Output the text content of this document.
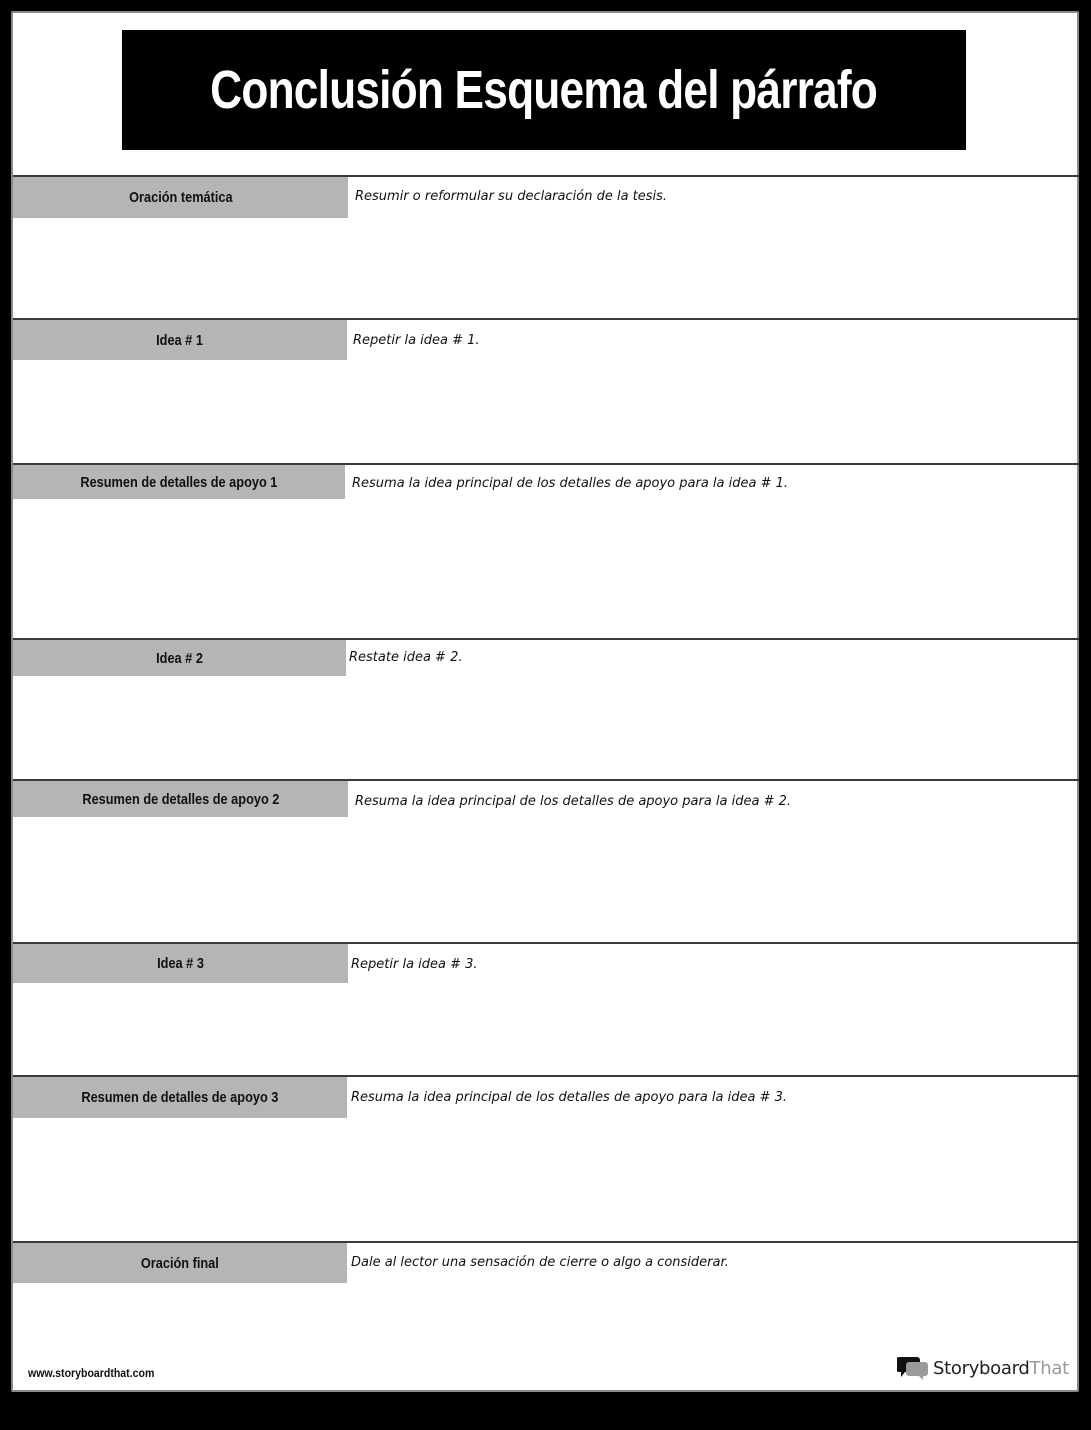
Conclusión Esquema del párrafo
Oración temática	Resumir o reformular su declaración de la tesis.
Idea # 1	Repetir la idea # 1.
Resumen de detalles de apoyo 1	Resuma la idea principal de los detalles de apoyo para la idea # 1.
Idea # 2	Restate idea # 2.
Resumen de detalles de apoyo 2	Resuma la idea principal de los detalles de apoyo para la idea # 2.
Idea # 3	Repetir la idea # 3.
Resumen de detalles de apoyo 3	Resuma la idea principal de los detalles de apoyo para la idea # 3.
Oración final	Dale al lector una sensación de cierre o algo a considerar.
www.storyboardthat.com	StoryboardThat
